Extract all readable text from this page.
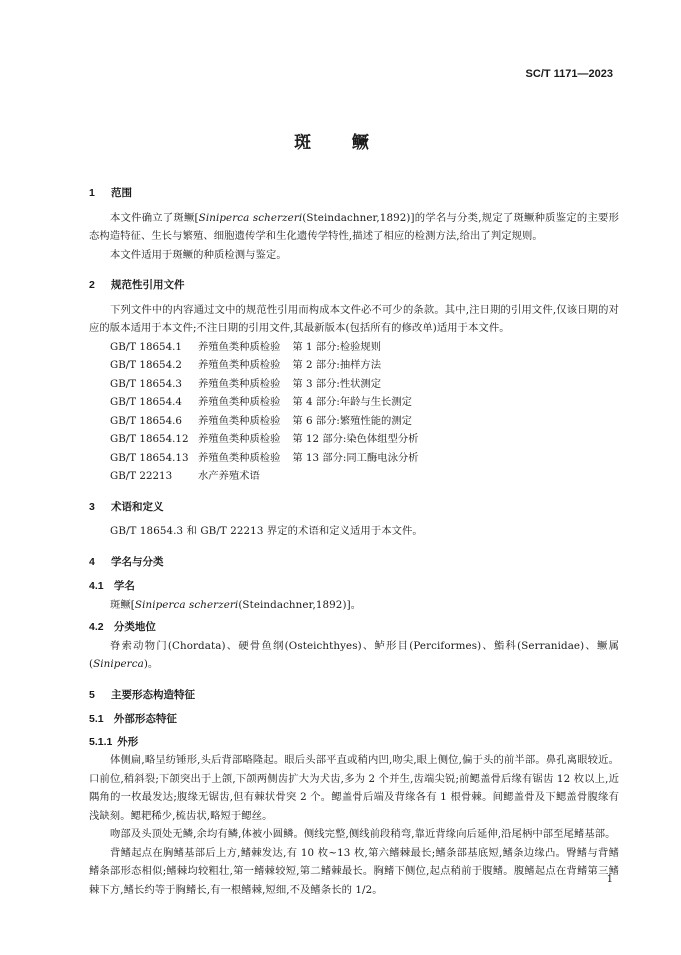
SC/T 1171—2023
斑 鳜
1 范围

本文件确立了斑鳜[Siniperca scherzeri(Steindachner,1892)]的学名与分类,规定了斑鳜种质鉴定的主要形态构造特征、生长与繁殖、细胞遗传学和生化遗传学特性,描述了相应的检测方法,给出了判定规则。

本文件适用于斑鳜的种质检测与鉴定。

2 规范性引用文件

下列文件中的内容通过文中的规范性引用而构成本文件必不可少的条款。其中,注日期的引用文件,仅该日期的对应的版本适用于本文件;不注日期的引用文件,其最新版本(包括所有的修改单)适用于本文件。

GB/T 18654.1 养殖鱼类种质检验 第 1 部分:检验规则
GB/T 18654.2 养殖鱼类种质检验 第 2 部分:抽样方法
GB/T 18654.3 养殖鱼类种质检验 第 3 部分:性状测定
GB/T 18654.4 养殖鱼类种质检验 第 4 部分:年龄与生长测定
GB/T 18654.6 养殖鱼类种质检验 第 6 部分:繁殖性能的测定
GB/T 18654.12 养殖鱼类种质检验 第 12 部分:染色体组型分析
GB/T 18654.13 养殖鱼类种质检验 第 13 部分:同工酶电泳分析
GB/T 22213	水产养殖术语
3 术语和定义

GB/T 18654.3 和 GB/T 22213 界定的术语和定义适用于本文件。

4 学名与分类
4.1 学名

斑鳜[Siniperca scherzeri(Steindachner,1892)]。

4.2 分类地位

脊索动物门(Chordata)、硬骨鱼纲(Osteichthyes)、鲈形目(Perciformes)、鮨科(Serranidae)、鳜属(Siniperca)。

5 主要形态构造特征
5.1 外部形态特征
5.1.1 外形

体侧扁,略呈纺锤形,头后背部略隆起。眼后头部平直或稍内凹,吻尖,眼上侧位,偏于头的前半部。鼻孔离眼较近。口前位,稍斜裂;下颌突出于上颌,下颌两侧齿扩大为犬齿,多为 2 个并生,齿端尖锐;前鳃盖骨后缘有锯齿 12 枚以上,近隅角的一枚最发达;腹缘无锯齿,但有棘状骨突 2 个。鳃盖骨后端及背缘各有 1 根骨棘。间鳃盖骨及下鳃盖骨腹缘有浅缺刻。鳃耙稀少,梳齿状,略短于鳃丝。

吻部及头顶处无鳞,余均有鳞,体被小圆鳞。侧线完整,侧线前段稍弯,靠近背缘向后延伸,沿尾柄中部至尾鳍基部。

背鳍起点在胸鳍基部后上方,鳍棘发达,有 10 枚~13 枚,第六鳍棘最长;鳍条部基底短,鳍条边缘凸。臀鳍与背鳍鳍条部形态相似;鳍棘均较粗壮,第一鳍棘较短,第二鳍棘最长。胸鳍下侧位,起点稍前于腹鳍。腹鳍起点在背鳍第三鳍棘下方,鳍长约等于胸鳍长,有一根鳍棘,短细,不及鳍条长的 1/2。

1
